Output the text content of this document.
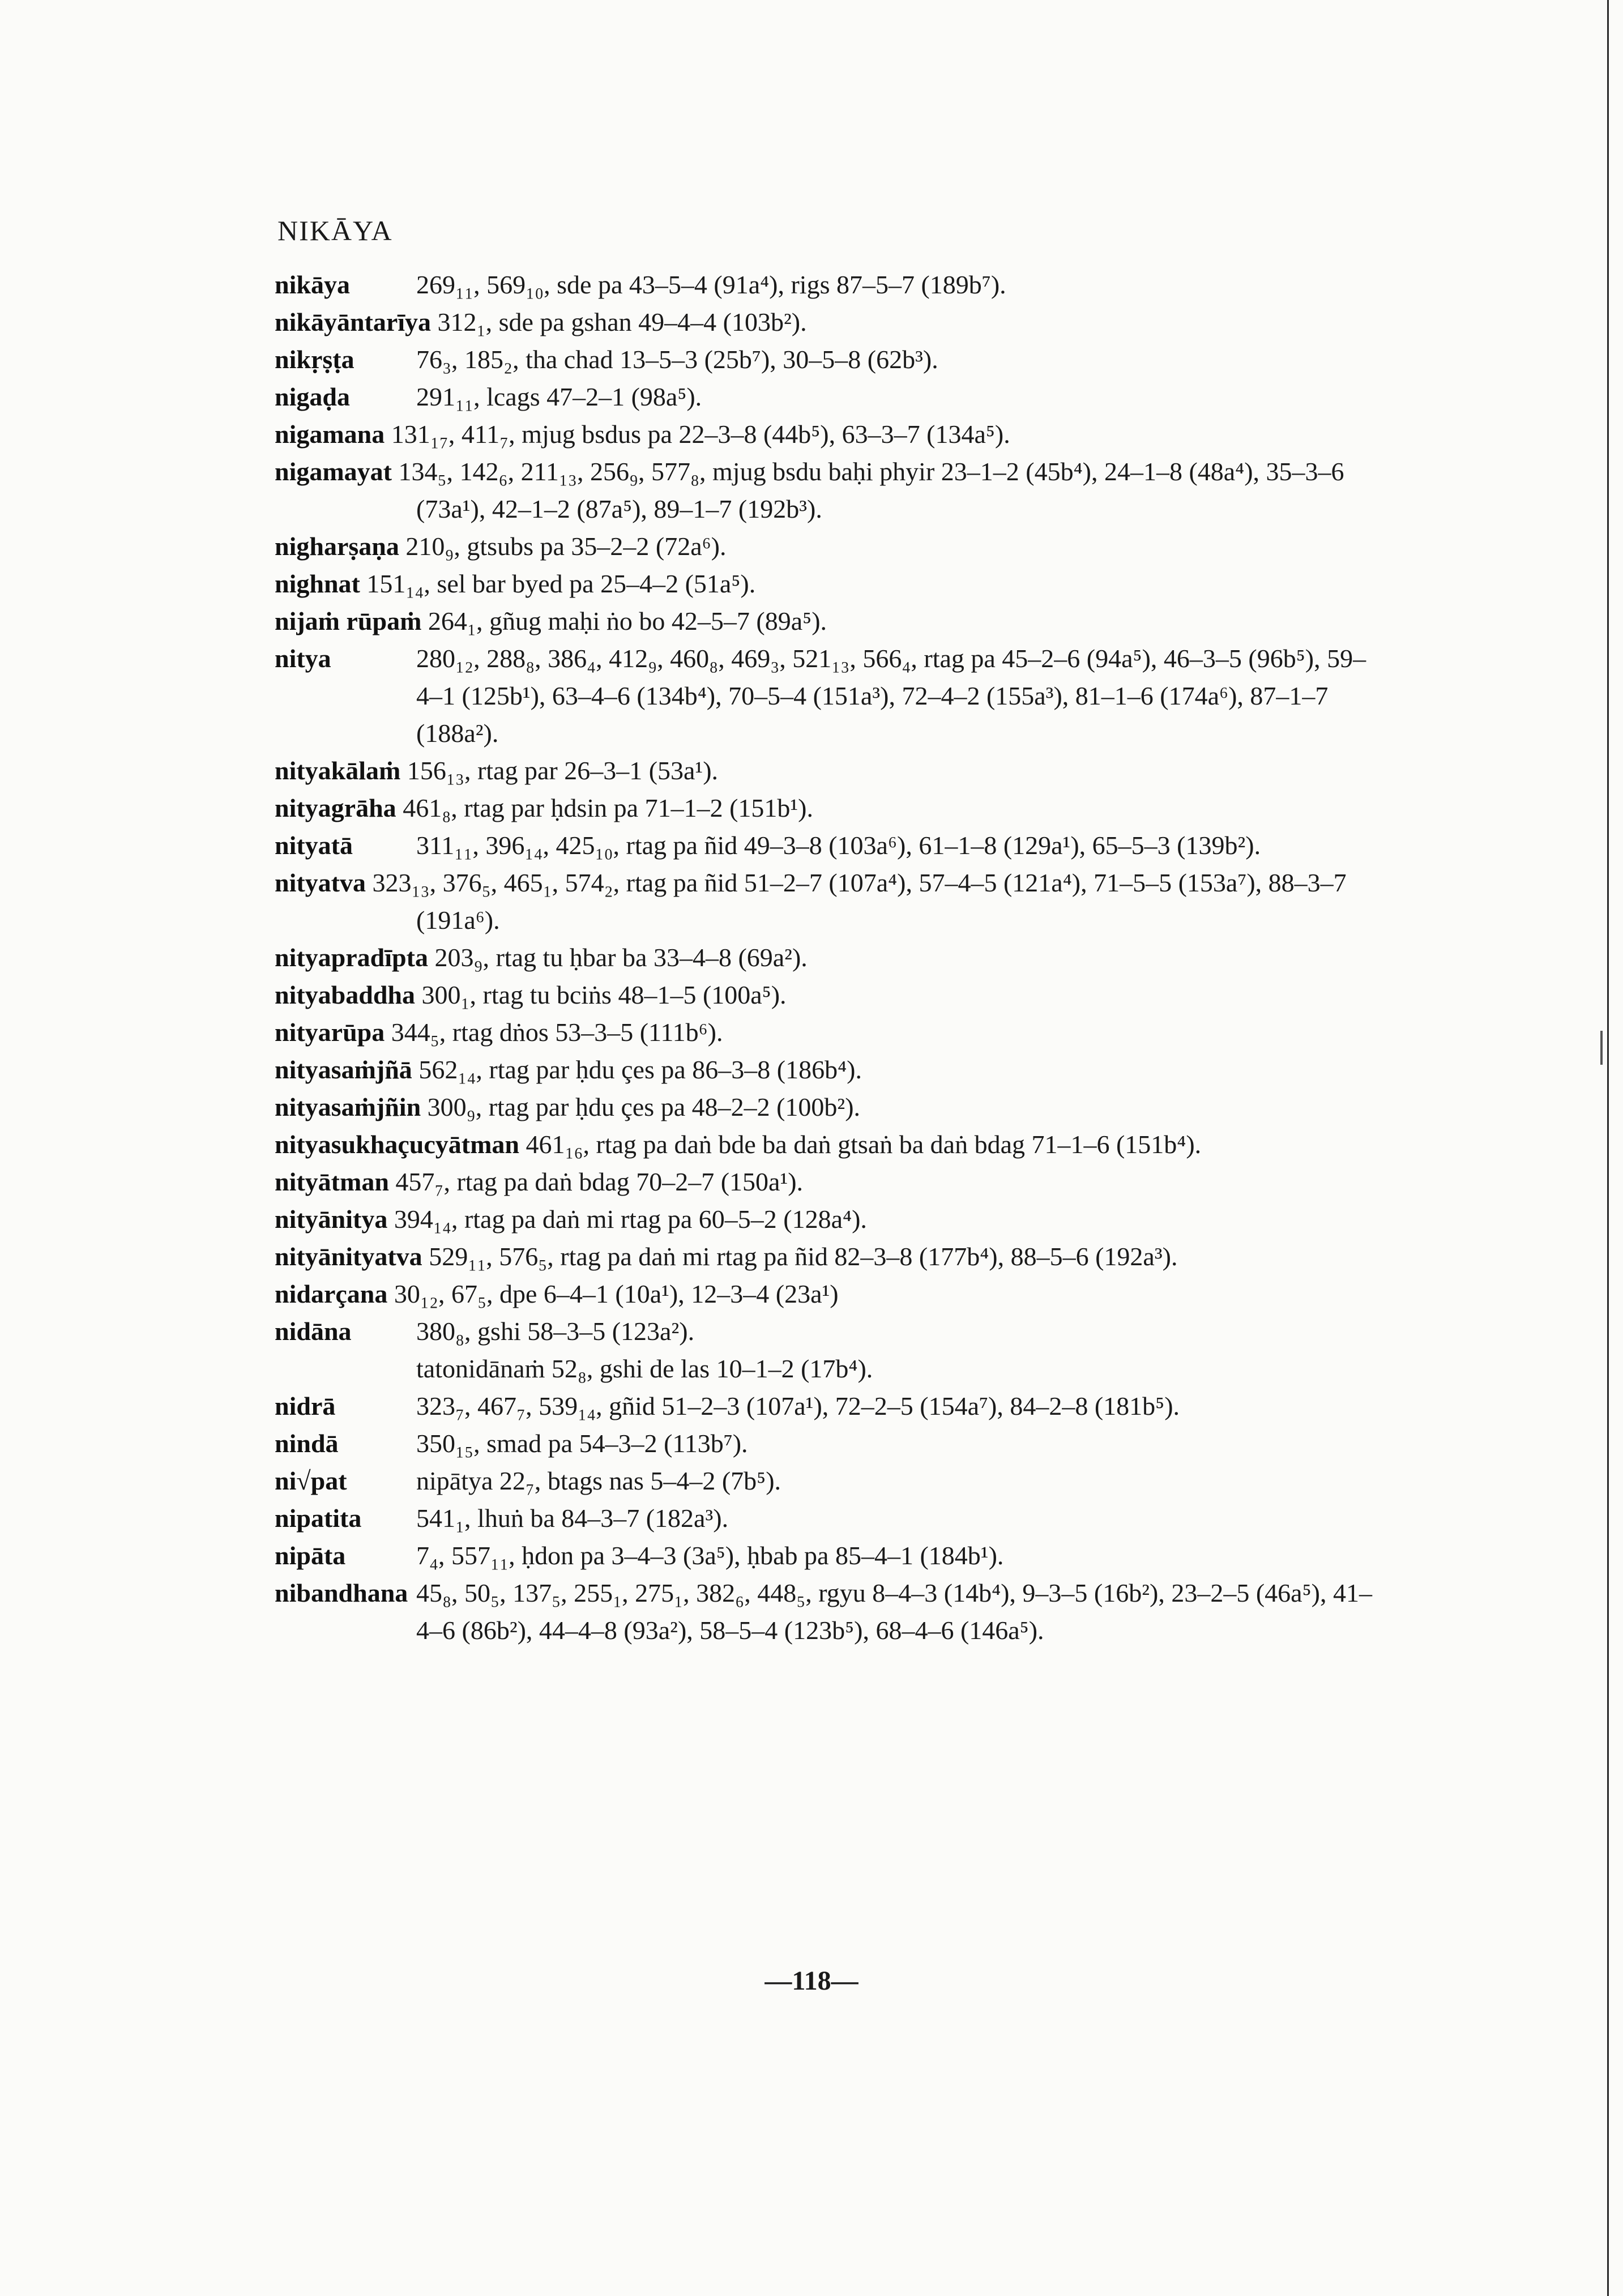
NIKĀYA
nikāya	269₁₁, 569₁₀, sde pa 43–5–4 (91a⁴), rigs 87–5–7 (189b⁷).
nikāyāntarīya 312₁, sde pa gshan 49–4–4 (103b²).
nikṛṣṭa	76₃, 185₂, tha chad 13–5–3 (25b⁷), 30–5–8 (62b³).
nigaḍa	291₁₁, lcags 47–2–1 (98a⁵).
nigamana 131₁₇, 411₇, mjug bsdus pa 22–3–8 (44b⁵), 63–3–7 (134a⁵).
nigamayat 134₅, 142₆, 211₁₃, 256₉, 577₈, mjug bsdu baḥi phyir 23–1–2 (45b⁴), 24–1–8 (48a⁴), 35–3–6 (73a¹), 42–1–2 (87a⁵), 89–1–7 (192b³).
nigharṣaṇa 210₉, gtsubs pa 35–2–2 (72a⁶).
nighnat 151₁₄, sel bar byed pa 25–4–2 (51a⁵).
nijaṁ rūpaṁ 264₁, gñug maḥi ṅo bo 42–5–7 (89a⁵).
nitya	280₁₂, 288₈, 386₄, 412₉, 460₈, 469₃, 521₁₃, 566₄, rtag pa 45–2–6 (94a⁵), 46–3–5 (96b⁵), 59–4–1 (125b¹), 63–4–6 (134b⁴), 70–5–4 (151a³), 72–4–2 (155a³), 81–1–6 (174a⁶), 87–1–7 (188a²).
nityakālaṁ 156₁₃, rtag par 26–3–1 (53a¹).
nityagrāha 461₈, rtag par ḥdsin pa 71–1–2 (151b¹).
nityatā	311₁₁, 396₁₄, 425₁₀, rtag pa ñid 49–3–8 (103a⁶), 61–1–8 (129a¹), 65–5–3 (139b²).
nityatva 323₁₃, 376₅, 465₁, 574₂, rtag pa ñid 51–2–7 (107a⁴), 57–4–5 (121a⁴), 71–5–5 (153a⁷), 88–3–7 (191a⁶).
nityapradīpta 203₉, rtag tu ḥbar ba 33–4–8 (69a²).
nityabaddha 300₁, rtag tu bciṅs 48–1–5 (100a⁵).
nityarūpa 344₅, rtag dṅos 53–3–5 (111b⁶).
nityasaṁjñā 562₁₄, rtag par ḥdu çes pa 86–3–8 (186b⁴).
nityasaṁjñin 300₉, rtag par ḥdu çes pa 48–2–2 (100b²).
nityasukhaçucyātman 461₁₆, rtag pa daṅ bde ba daṅ gtsaṅ ba daṅ bdag 71–1–6 (151b⁴).
nityātman 457₇, rtag pa daṅ bdag 70–2–7 (150a¹).
nityānitya 394₁₄, rtag pa daṅ mi rtag pa 60–5–2 (128a⁴).
nityānityatva 529₁₁, 576₅, rtag pa daṅ mi rtag pa ñid 82–3–8 (177b⁴), 88–5–6 (192a³).
nidarçana 30₁₂, 67₅, dpe 6–4–1 (10a¹), 12–3–4 (23a¹)
nidāna	380₈, gshi 58–3–5 (123a²).
tatonidānaṁ 52₈, gshi de las 10–1–2 (17b⁴).
nidrā	323₇, 467₇, 539₁₄, gñid 51–2–3 (107a¹), 72–2–5 (154a⁷), 84–2–8 (181b⁵).
nindā	350₁₅, smad pa 54–3–2 (113b⁷).
ni√pat	nipātya 22₇, btags nas 5–4–2 (7b⁵).
nipatita	541₁, lhuṅ ba 84–3–7 (182a³).
nipāta	7₄, 557₁₁, ḥdon pa 3–4–3 (3a⁵), ḥbab pa 85–4–1 (184b¹).
nibandhana 45₈, 50₅, 137₅, 255₁, 275₁, 382₆, 448₅, rgyu 8–4–3 (14b⁴), 9–3–5 (16b²), 23–2–5 (46a⁵), 41–4–6 (86b²), 44–4–8 (93a²), 58–5–4 (123b⁵), 68–4–6 (146a⁵).
—118—
